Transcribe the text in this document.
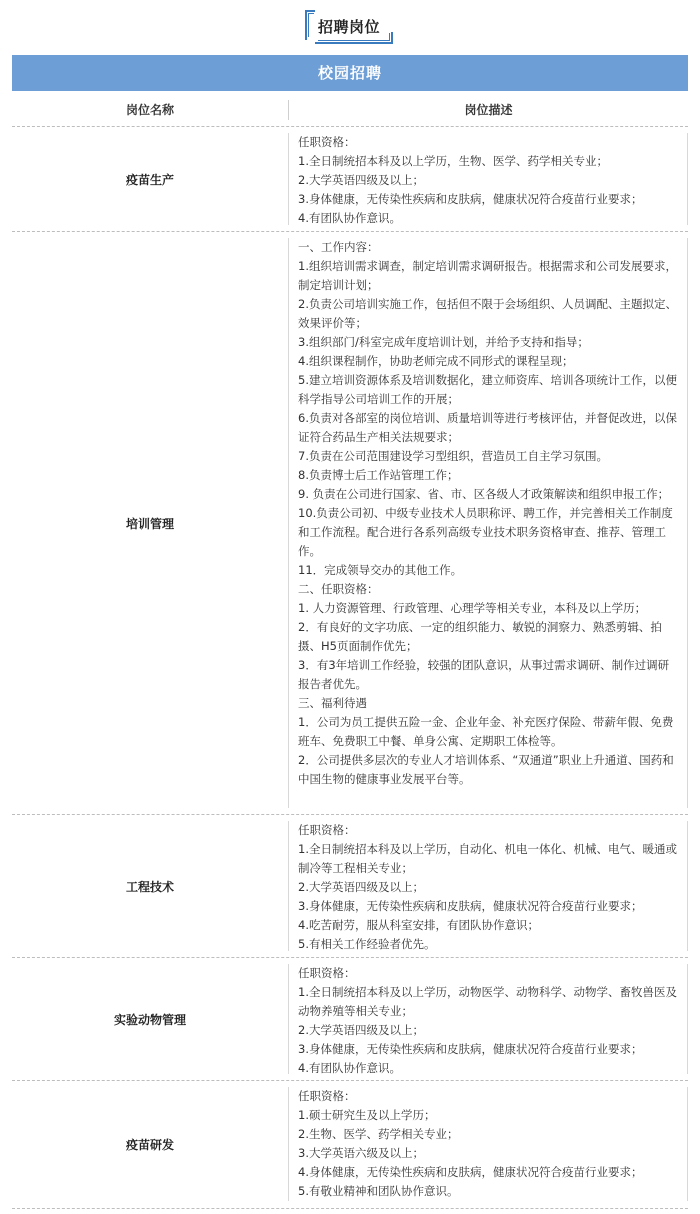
招聘岗位
校园招聘
岗位名称	岗位描述
疫苗生产

任职资格：

1.全日制统招本科及以上学历，生物、医学、药学相关专业；

2.大学英语四级及以上；

3.身体健康，无传染性疾病和皮肤病，健康状况符合疫苗行业要求；

4.有团队协作意识。

培训管理

一、工作内容：

1.组织培训需求调查，制定培训需求调研报告。根据需求和公司发展要求，制定培训计划；

2.负责公司培训实施工作，包括但不限于会场组织、人员调配、主题拟定、效果评价等；

3.组织部门/科室完成年度培训计划，并给予支持和指导；

4.组织课程制作，协助老师完成不同形式的课程呈现；

5.建立培训资源体系及培训数据化，建立师资库、培训各项统计工作，以便科学指导公司培训工作的开展；

6.负责对各部室的岗位培训、质量培训等进行考核评估，并督促改进，以保证符合药品生产相关法规要求；

7.负责在公司范围建设学习型组织，营造员工自主学习氛围。

8.负责博士后工作站管理工作；

9. 负责在公司进行国家、省、市、区各级人才政策解读和组织申报工作；

10.负责公司初、中级专业技术人员职称评、聘工作，并完善相关工作制度和工作流程。配合进行各系列高级专业技术职务资格审查、推荐、管理工作。

11．完成领导交办的其他工作。

二、任职资格：

1. 人力资源管理、行政管理、心理学等相关专业，本科及以上学历；

2．有良好的文字功底、一定的组织能力、敏锐的洞察力、熟悉剪辑、拍摄、H5页面制作优先；

3．有3年培训工作经验，较强的团队意识，从事过需求调研、制作过调研报告者优先。

三、福利待遇

1．公司为员工提供五险一金、企业年金、补充医疗保险、带薪年假、免费班车、免费职工中餐、单身公寓、定期职工体检等。

2．公司提供多层次的专业人才培训体系、“双通道”职业上升通道、国药和中国生物的健康事业发展平台等。

工程技术

任职资格：

1.全日制统招本科及以上学历，自动化、机电一体化、机械、电气、暖通或制冷等工程相关专业；

2.大学英语四级及以上；

3.身体健康，无传染性疾病和皮肤病，健康状况符合疫苗行业要求；

4.吃苦耐劳，服从科室安排，有团队协作意识；

5.有相关工作经验者优先。

实验动物管理

任职资格：

1.全日制统招本科及以上学历，动物医学、动物科学、动物学、畜牧兽医及动物养殖等相关专业；

2.大学英语四级及以上；

3.身体健康，无传染性疾病和皮肤病，健康状况符合疫苗行业要求；

4.有团队协作意识。

疫苗研发

任职资格：

1.硕士研究生及以上学历；

2.生物、医学、药学相关专业；

3.大学英语六级及以上；

4.身体健康，无传染性疾病和皮肤病，健康状况符合疫苗行业要求；

5.有敬业精神和团队协作意识。
